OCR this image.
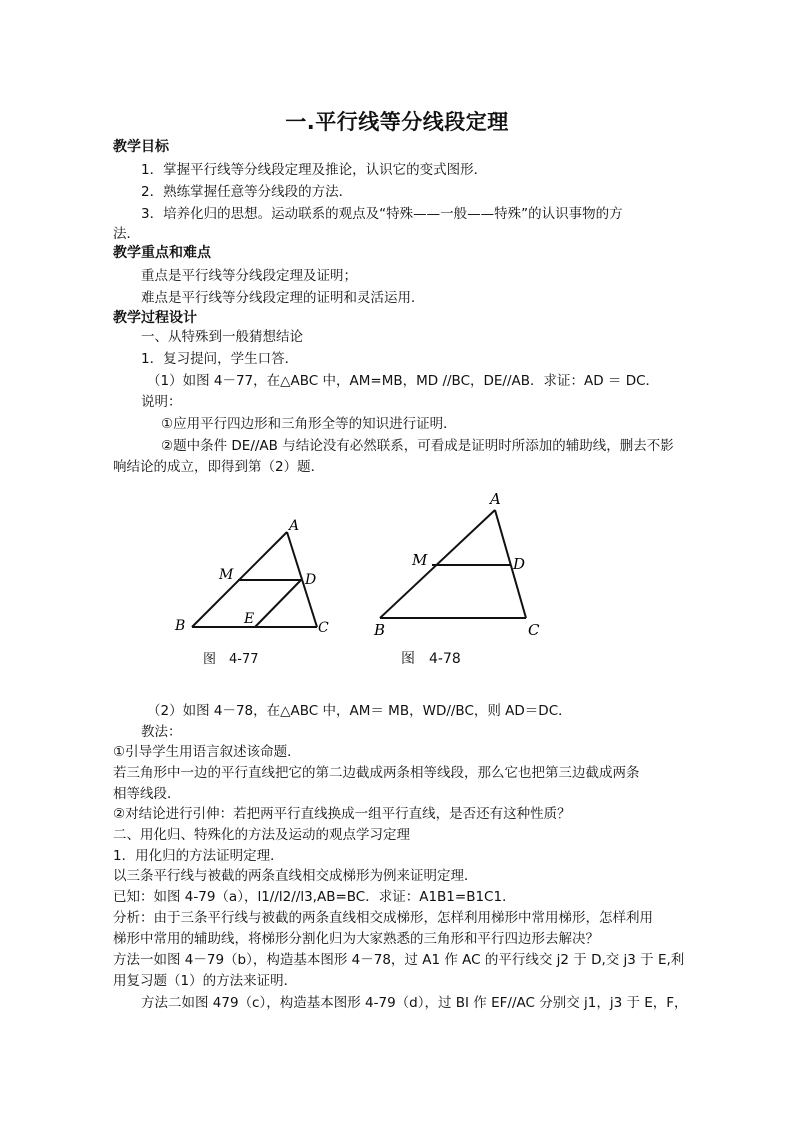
一.平行线等分线段定理
教学目标
1．掌握平行线等分线段定理及推论，认识它的变式图形．
2．熟练掌握任意等分线段的方法．
3．培养化归的思想。运动联系的观点及“特殊——一般——特殊”的认识事物的方
法．
教学重点和难点
重点是平行线等分线段定理及证明；
难点是平行线等分线段定理的证明和灵活运用．
教学过程设计
一、从特殊到一般猜想结论
1．复习提问，学生口答．
（1）如图 4－77，在△ABC 中，AM=MB，MD //BC，DE//AB．求证：AD ＝ DC．
说明：
①应用平行四边形和三角形全等的知识进行证明．
②题中条件 DE//AB 与结论没有必然联系，可看成是证明时所添加的辅助线，删去不影
响结论的成立，即得到第（2）题．
A
M	D
B	E
C
图　4-77
A
M	D
B	C
图　4-78
（2）如图 4－78，在△ABC 中，AM＝ MB，WD//BC，则 AD＝DC．
教法：
①引导学生用语言叙述该命题．
若三角形中一边的平行直线把它的第二边截成两条相等线段，那么它也把第三边截成两条
相等线段．
②对结论进行引伸：若把两平行直线换成一组平行直线，是否还有这种性质？
二、用化归、特殊化的方法及运动的观点学习定理
1．用化归的方法证明定理．
以三条平行线与被截的两条直线相交成梯形为例来证明定理．
已知：如图 4-79（a），l1//l2//l3,AB=BC．求证：A1B1=B1C1．
分析：由于三条平行线与被截的两条直线相交成梯形，怎样利用梯形中常用梯形，怎样利用
梯形中常用的辅助线，将梯形分割化归为大家熟悉的三角形和平行四边形去解决？
方法一如图 4－79（b），构造基本图形 4－78，过 A1 作 AC 的平行线交 j2 于 D,交 j3 于 E,利
用复习题（1）的方法来证明．
方法二如图 479（c），构造基本图形 4-79（d），过 BI 作 EF//AC 分别交 j1，j3 于 E，F，
